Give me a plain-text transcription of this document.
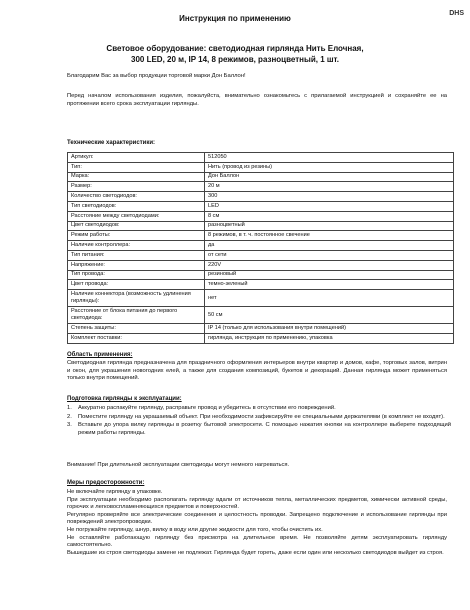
DHS
Инструкция по применению
Световое оборудование: светодиодная гирлянда Нить Елочная,
300 LED, 20 м, IP 14, 8 режимов, разноцветный, 1 шт.
Благодарим Вас за выбор продукции торговой марки Дон Баллон!
Перед началом использования изделия, пожалуйста, внимательно ознакомьтесь с прилагаемой инструкцией и сохраняйте ее на протяжении всего срока эксплуатации гирлянды.
Технические характеристики:
Артикул:	512050
Тип:	Нить (провод из резины)
Марка:	Дон Баллон
Размер:	20 м
Количество светодиодов:	300
Тип светодиодов:	LED
Расстояние между светодиодами:	8 см
Цвет светодиодов:	разноцветный
Режим работы:	8 режимов, в т. ч. постоянное свечение
Наличие контроллера:	да
Тип питания:	от сети
Напряжение:	220V
Тип провода:	резиновый
Цвет провода:	темно-зеленый
Наличие коннектора (возможность удлинения гирлянды):	нет
Расстояние от блока питания до первого светодиода:	50 см
Степень защиты:	IP 14 (только для использования внутри помещений)
Комплект поставки:	гирлянда, инструкция по применению, упаковка
Область применения:
Светодиодная гирлянда предназначена для праздничного оформления интерьеров внутри квартир и домов, кафе, торговых залов, витрин и окон, для украшения новогодних елей, а также для создания композиций, букетов и декораций. Данная гирлянда может применяться только внутри помещений.
Подготовка гирлянды к эксплуатации:
1.	Аккуратно распакуйте гирлянду, расправьте провод и убедитесь в отсутствии его повреждений.
2.	Поместите гирлянду на украшаемый объект. При необходимости зафиксируйте ее специальными держателями (в комплект не входят).
3.	Вставьте до упора вилку гирлянды в розетку бытовой электросети. С помощью нажатия кнопки на контроллере выберете подходящий режим работы гирлянды.
Внимание! При длительной эксплуатации светодиоды могут немного нагреваться.
Меры предосторожности:
Не включайте гирлянду в упаковке.
При эксплуатации необходимо располагать гирлянду вдали от источников тепла, металлических предметов, химически активной среды, горючих и легковоспламеняющихся предметов и поверхностей.
Регулярно проверяйте все электрические соединения и целостность проводки. Запрещено подключение и использование гирлянды при повреждений электропроводки.
Не погружайте гирлянду, шнур, вилку в воду или другие жидкости для того, чтобы очистить их.
Не оставляйте работающую гирлянду без присмотра на длительное время. Не позволяйте детям эксплуатировать гирлянду самостоятельно.
Вышедшие из строя светодиоды замене не подлежат. Гирлянда будет гореть, даже если один или несколько светодиодов выйдет из строя.
